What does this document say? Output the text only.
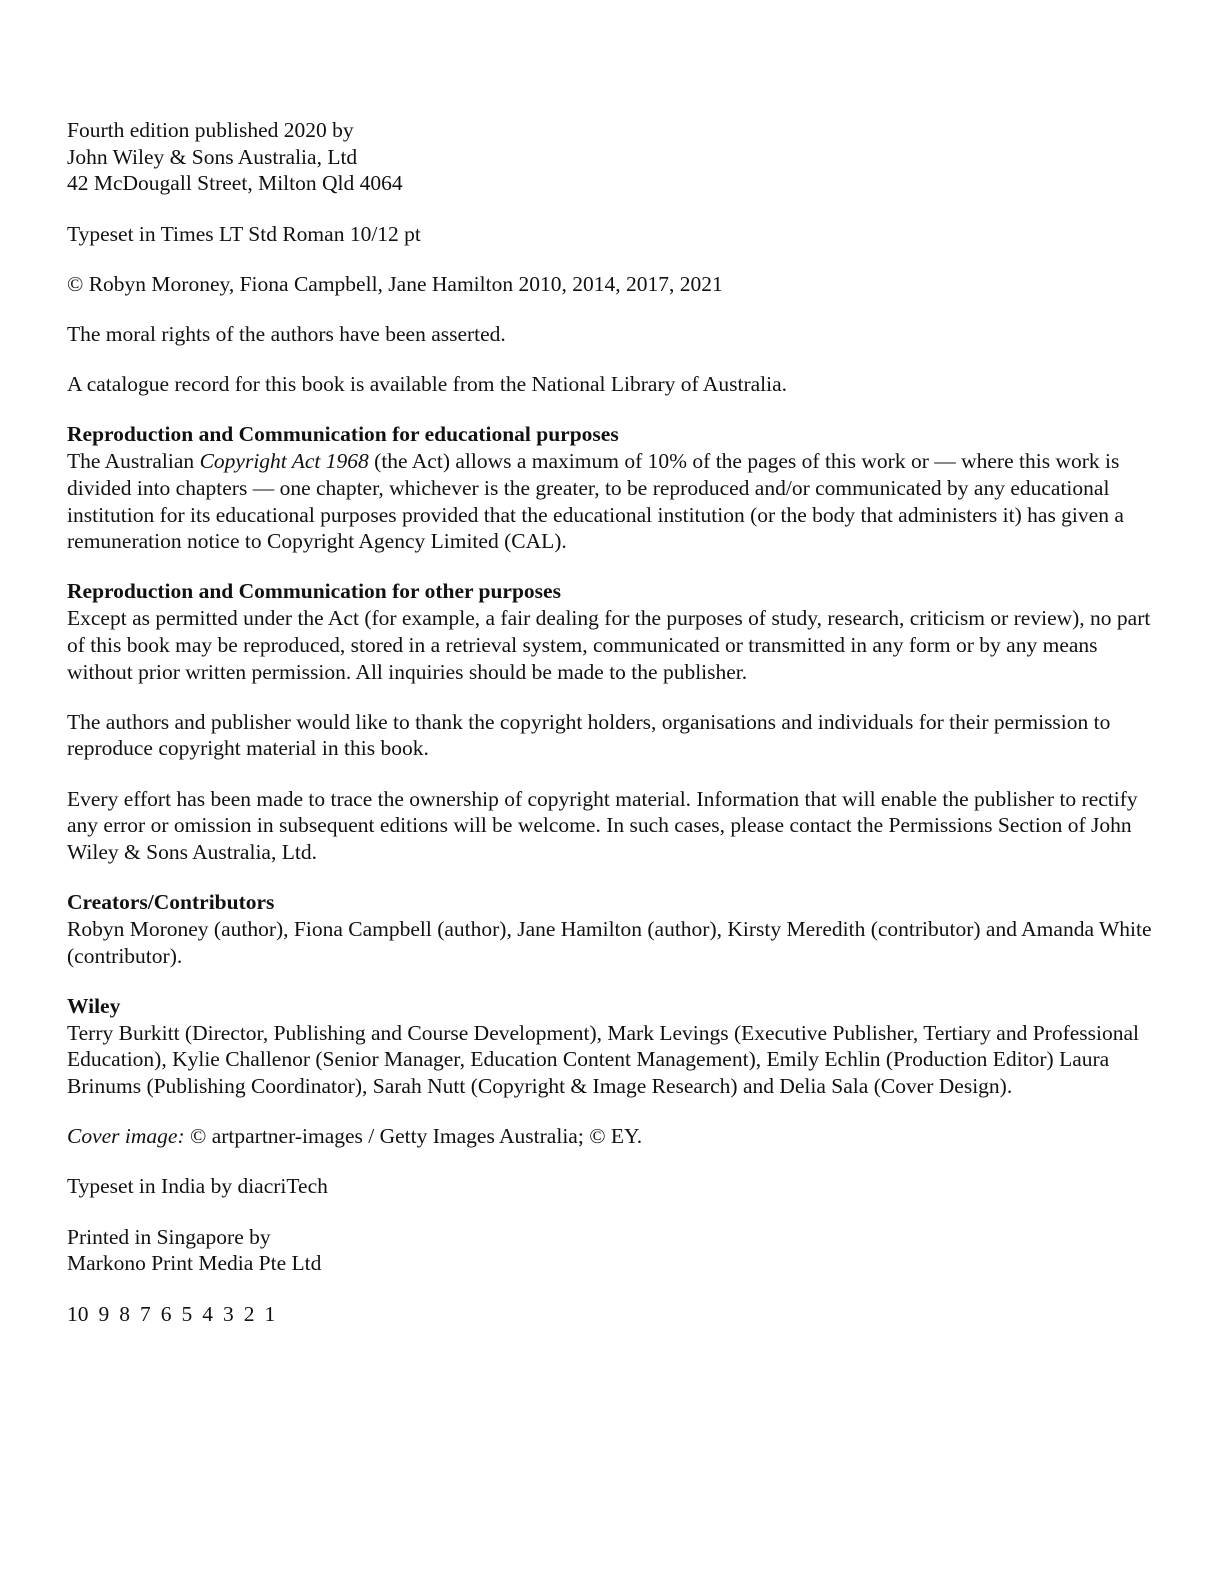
Fourth edition published 2020 by
John Wiley & Sons Australia, Ltd
42 McDougall Street, Milton Qld 4064
Typeset in Times LT Std Roman 10/12 pt
© Robyn Moroney, Fiona Campbell, Jane Hamilton 2010, 2014, 2017, 2021
The moral rights of the authors have been asserted.
A catalogue record for this book is available from the National Library of Australia.
Reproduction and Communication for educational purposes
The Australian Copyright Act 1968 (the Act) allows a maximum of 10% of the pages of this work or — where this work is divided into chapters — one chapter, whichever is the greater, to be reproduced and/or communicated by any educational institution for its educational purposes provided that the educational institution (or the body that administers it) has given a remuneration notice to Copyright Agency Limited (CAL).
Reproduction and Communication for other purposes
Except as permitted under the Act (for example, a fair dealing for the purposes of study, research, criticism or review), no part of this book may be reproduced, stored in a retrieval system, communicated or transmitted in any form or by any means without prior written permission. All inquiries should be made to the publisher.
The authors and publisher would like to thank the copyright holders, organisations and individuals for their permission to reproduce copyright material in this book.
Every effort has been made to trace the ownership of copyright material. Information that will enable the publisher to rectify any error or omission in subsequent editions will be welcome. In such cases, please contact the Permissions Section of John Wiley & Sons Australia, Ltd.
Creators/Contributors
Robyn Moroney (author), Fiona Campbell (author), Jane Hamilton (author), Kirsty Meredith (contributor) and Amanda White (contributor).
Wiley
Terry Burkitt (Director, Publishing and Course Development), Mark Levings (Executive Publisher, Tertiary and Professional Education), Kylie Challenor (Senior Manager, Education Content Management), Emily Echlin (Production Editor) Laura Brinums (Publishing Coordinator), Sarah Nutt (Copyright & Image Research) and Delia Sala (Cover Design).
Cover image: © artpartner-images / Getty Images Australia; © EY.
Typeset in India by diacriTech
Printed in Singapore by
Markono Print Media Pte Ltd
10 9 8 7 6 5 4 3 2 1
